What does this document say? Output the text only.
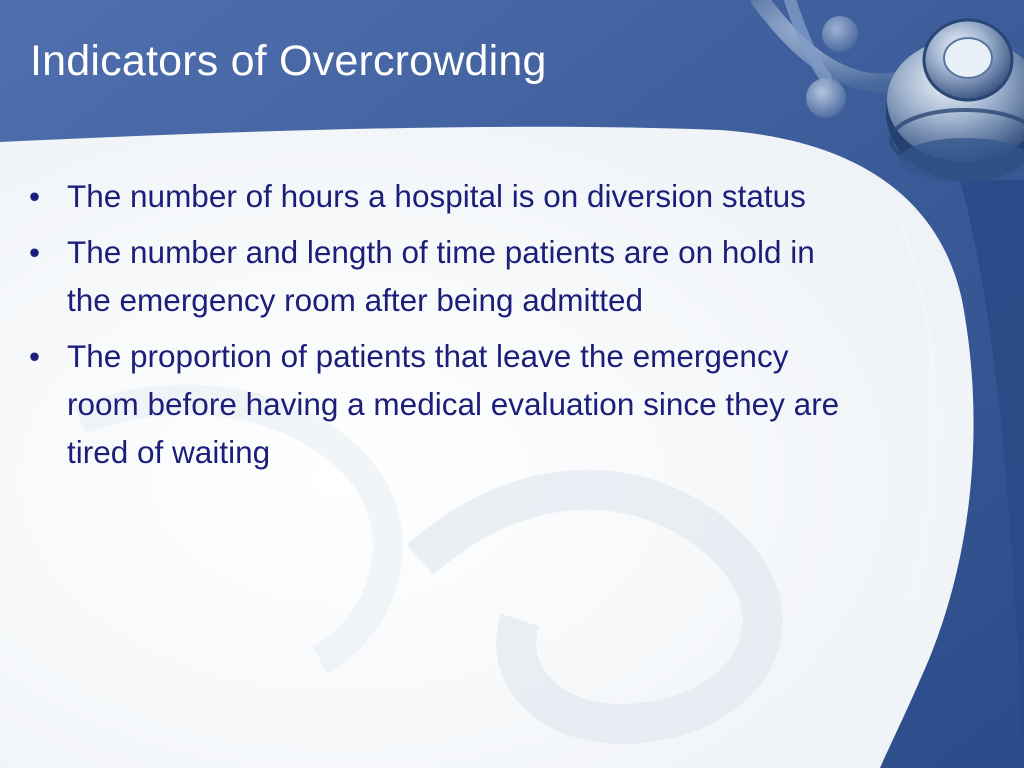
Indicators of Overcrowding
• The number of hours a hospital is on diversion status
• The number and length of time patients are on hold in the emergency room after being admitted
• The proportion of patients that leave the emergency room before having a medical evaluation since they are tired of waiting
